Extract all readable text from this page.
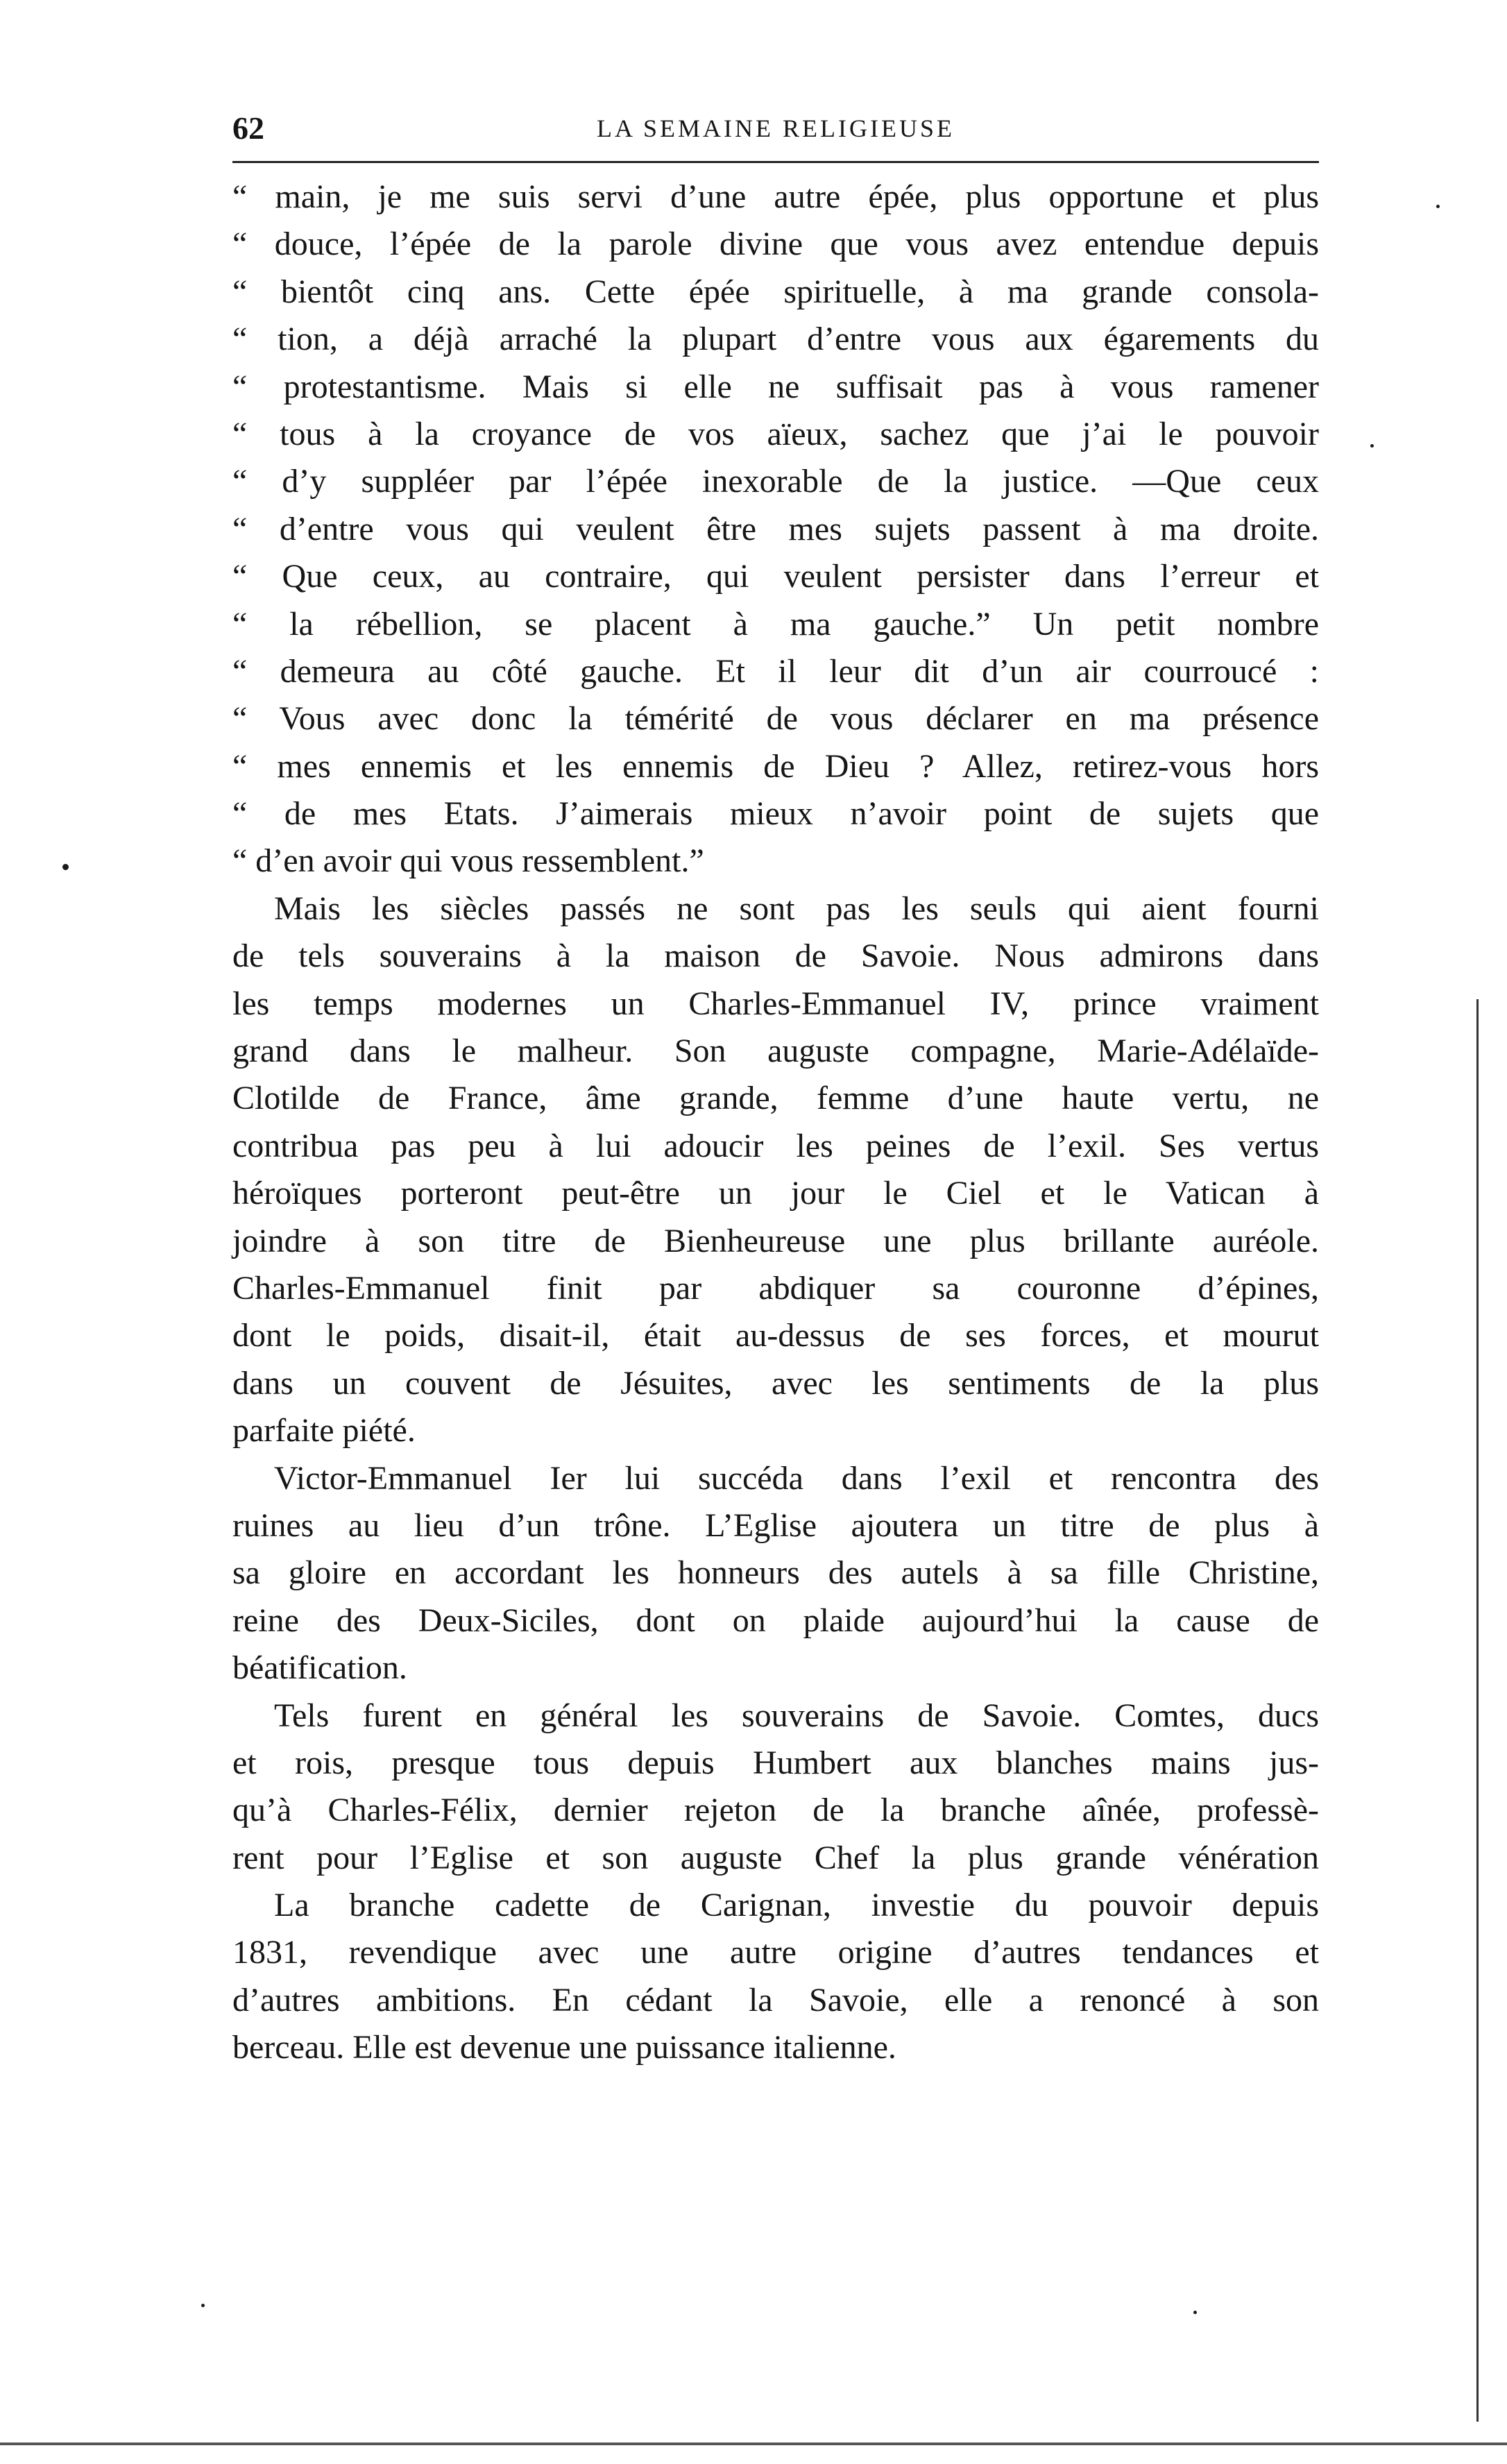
62	LA SEMAINE RELIGIEUSE
“ main, je me suis servi d’une autre épée, plus opportune et plus
“ douce, l’épée de la parole divine que vous avez entendue depuis
“ bientôt cinq ans. Cette épée spirituelle, à ma grande consola-
“ tion, a déjà arraché la plupart d’entre vous aux égarements du
“ protestantisme. Mais si elle ne suffisait pas à vous ramener
“ tous à la croyance de vos aïeux, sachez que j’ai le pouvoir
“ d’y suppléer par l’épée inexorable de la justice. —Que ceux
“ d’entre vous qui veulent être mes sujets passent à ma droite.
“ Que ceux, au contraire, qui veulent persister dans l’erreur et
“ la rébellion, se placent à ma gauche.” Un petit nombre
“ demeura au côté gauche. Et il leur dit d’un air courroucé :
“ Vous avec donc la témérité de vous déclarer en ma présence
“ mes ennemis et les ennemis de Dieu ? Allez, retirez-vous hors
“ de mes Etats. J’aimerais mieux n’avoir point de sujets que
“ d’en avoir qui vous ressemblent.”
Mais les siècles passés ne sont pas les seuls qui aient fourni
de tels souverains à la maison de Savoie. Nous admirons dans
les temps modernes un Charles-Emmanuel IV, prince vraiment
grand dans le malheur. Son auguste compagne, Marie-Adélaïde-
Clotilde de France, âme grande, femme d’une haute vertu, ne
contribua pas peu à lui adoucir les peines de l’exil. Ses vertus
héroïques porteront peut-être un jour le Ciel et le Vatican à
joindre à son titre de Bienheureuse une plus brillante auréole.
Charles-Emmanuel finit par abdiquer sa couronne d’épines,
dont le poids, disait-il, était au-dessus de ses forces, et mourut
dans un couvent de Jésuites, avec les sentiments de la plus
parfaite piété.
Victor-Emmanuel Ier lui succéda dans l’exil et rencontra des
ruines au lieu d’un trône. L’Eglise ajoutera un titre de plus à
sa gloire en accordant les honneurs des autels à sa fille Christine,
reine des Deux-Siciles, dont on plaide aujourd’hui la cause de
béatification.
Tels furent en général les souverains de Savoie. Comtes, ducs
et rois, presque tous depuis Humbert aux blanches mains jus-
qu’à Charles-Félix, dernier rejeton de la branche aînée, professè-
rent pour l’Eglise et son auguste Chef la plus grande vénération
La branche cadette de Carignan, investie du pouvoir depuis
1831, revendique avec une autre origine d’autres tendances et
d’autres ambitions. En cédant la Savoie, elle a renoncé à son
berceau. Elle est devenue une puissance italienne.
